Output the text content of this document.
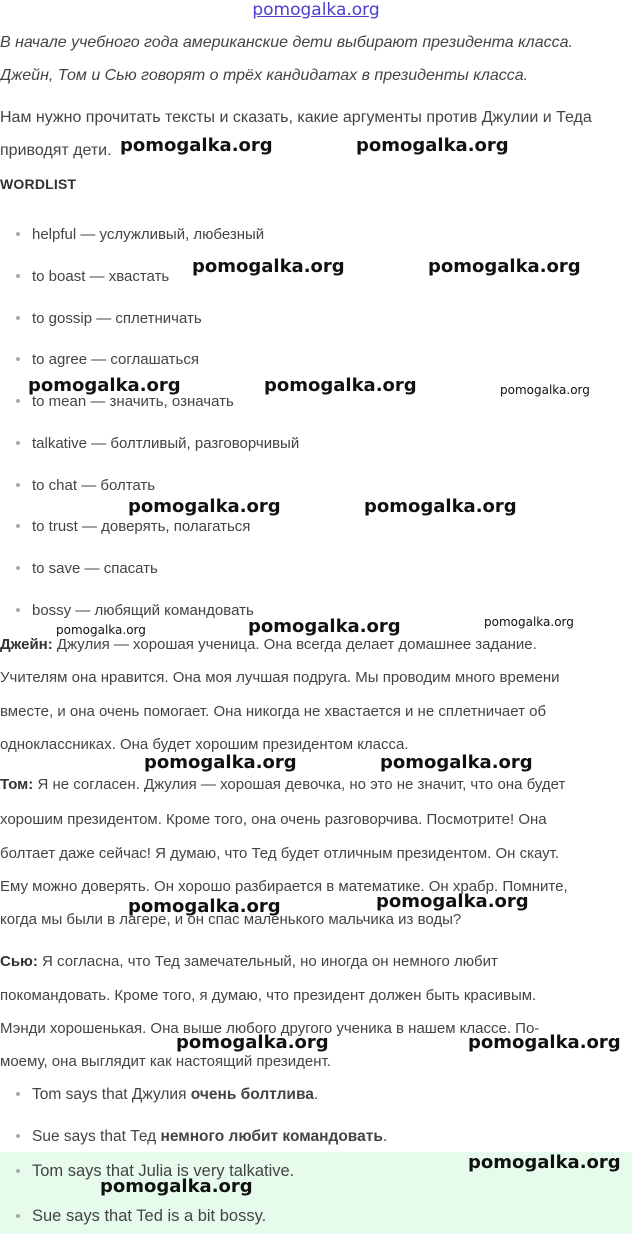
pomogalka.org
В начале учебного года американские дети выбирают президента класса.
Джейн, Том и Сью говорят о трёх кандидатах в президенты класса.
Нам нужно прочитать тексты и сказать, какие аргументы против Джулии и Теда
приводят дети.
WORDLIST
helpful — услужливый, любезный
to boast — хвастать
to gossip — сплетничать
to agree — соглашаться
to mean — значить, означать
talkative — болтливый, разговорчивый
to chat — болтать
to trust — доверять, полагаться
to save — спасать
bossy — любящий командовать
Джейн: Джулия — хорошая ученица. Она всегда делает домашнее задание.
Учителям она нравится. Она моя лучшая подруга. Мы проводим много времени
вместе, и она очень помогает. Она никогда не хвастается и не сплетничает об
одноклассниках. Она будет хорошим президентом класса.
Том: Я не согласен. Джулия — хорошая девочка, но это не значит, что она будет
хорошим президентом. Кроме того, она очень разговорчива. Посмотрите! Она
болтает даже сейчас! Я думаю, что Тед будет отличным президентом. Он скаут.
Ему можно доверять. Он хорошо разбирается в математике. Он храбр. Помните,
когда мы были в лагере, и он спас маленького мальчика из воды?
Сью: Я согласна, что Тед замечательный, но иногда он немного любит
покомандовать. Кроме того, я думаю, что президент должен быть красивым.
Мэнди хорошенькая. Она выше любого другого ученика в нашем классе. По-
моему, она выглядит как настоящий президент.
Tom says that Джулия очень болтлива.
Sue says that Тед немного любит командовать.
Tom says that Julia is very talkative.
Sue says that Ted is a bit bossy.
pomogalka.org	pomogalka.org
pomogalka.org	pomogalka.org
pomogalka.org	pomogalka.org	pomogalka.org
pomogalka.org	pomogalka.org
pomogalka.org	pomogalka.org	pomogalka.org
pomogalka.org	pomogalka.org
pomogalka.org	pomogalka.org
pomogalka.org	pomogalka.org
pomogalka.org
pomogalka.org
